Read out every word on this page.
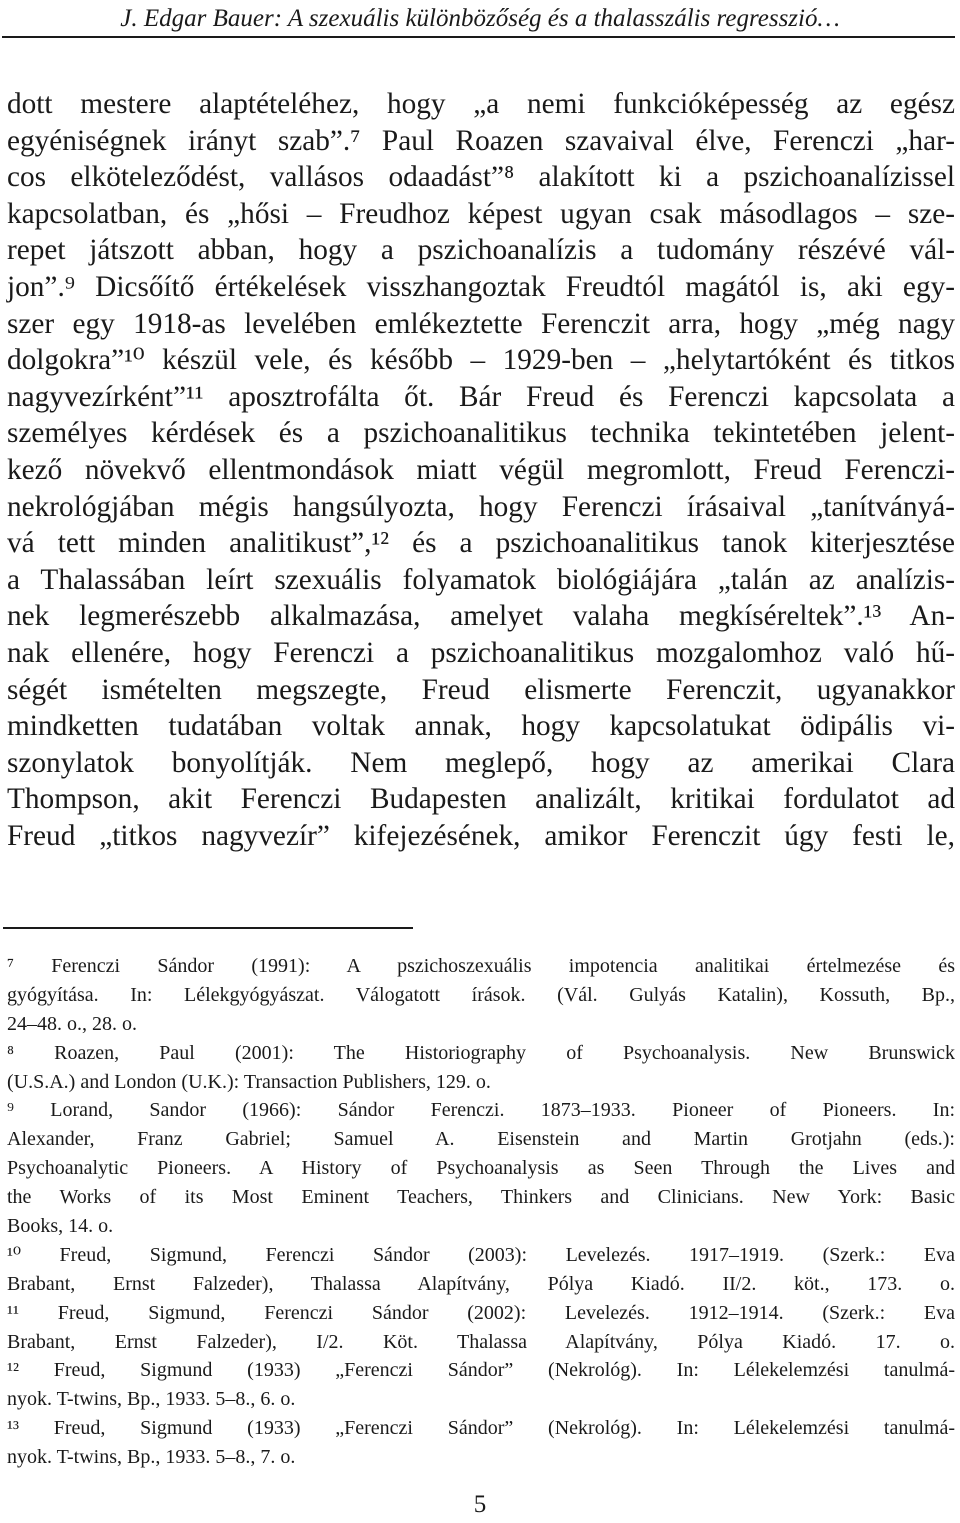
J. Edgar Bauer: A szexuális különbözőség és a thalasszális regresszió…
dott mestere alaptételéhez, hogy „a nemi funkcióképesség az egész
egyéniségnek irányt szab”.⁷ Paul Roazen szavaival élve, Ferenczi „har-
cos elköteleződést, vallásos odaadást”⁸ alakított ki a pszichoanalízissel
kapcsolatban, és „hősi – Freudhoz képest ugyan csak másodlagos – sze-
repet játszott abban, hogy a pszichoanalízis a tudomány részévé vál-
jon”.⁹ Dicsőítő értékelések visszhangoztak Freudtól magától is, aki egy-
szer egy 1918-as levelében emlékeztette Ferenczit arra, hogy „még nagy
dolgokra”¹⁰ készül vele, és később – 1929-ben – „helytartóként és titkos
nagyvezírként”¹¹ aposztrofálta őt. Bár Freud és Ferenczi kapcsolata a
személyes kérdések és a pszichoanalitikus technika tekintetében jelent-
kező növekvő ellentmondások miatt végül megromlott, Freud Ferenczi-
nekrológjában mégis hangsúlyozta, hogy Ferenczi írásaival „tanítványá-
vá tett minden analitikust”,¹² és a pszichoanalitikus tanok kiterjesztése
a Thalassában leírt szexuális folyamatok biológiájára „talán az analízis-
nek legmerészebb alkalmazása, amelyet valaha megkíséreltek”.¹³ An-
nak ellenére, hogy Ferenczi a pszichoanalitikus mozgalomhoz való hű-
ségét ismételten megszegte, Freud elismerte Ferenczit, ugyanakkor
mindketten tudatában voltak annak, hogy kapcsolatukat ödipális vi-
szonylatok bonyolítják. Nem meglepő, hogy az amerikai Clara
Thompson, akit Ferenczi Budapesten analizált, kritikai fordulatot ad
Freud „titkos nagyvezír” kifejezésének, amikor Ferenczit úgy festi le,
⁷ Ferenczi Sándor (1991): A pszichoszexuális impotencia analitikai értelmezése és
gyógyítása. In: Lélekgyógyászat. Válogatott írások. (Vál. Gulyás Katalin), Kossuth, Bp.,
24–48. o., 28. o.
⁸ Roazen, Paul (2001): The Historiography of Psychoanalysis. New Brunswick
(U.S.A.) and London (U.K.): Transaction Publishers, 129. o.
⁹ Lorand, Sandor (1966): Sándor Ferenczi. 1873–1933. Pioneer of Pioneers. In:
Alexander, Franz Gabriel; Samuel A. Eisenstein and Martin Grotjahn (eds.):
Psychoanalytic Pioneers. A History of Psychoanalysis as Seen Through the Lives and
the Works of its Most Eminent Teachers, Thinkers and Clinicians. New York: Basic
Books, 14. o.
¹⁰ Freud, Sigmund, Ferenczi Sándor (2003): Levelezés. 1917–1919. (Szerk.: Eva
Brabant, Ernst Falzeder), Thalassa Alapítvány, Pólya Kiadó. II/2. köt., 173. o.
¹¹ Freud, Sigmund, Ferenczi Sándor (2002): Levelezés. 1912–1914. (Szerk.: Eva
Brabant, Ernst Falzeder), I/2. Köt. Thalassa Alapítvány, Pólya Kiadó. 17. o.
¹² Freud, Sigmund (1933) „Ferenczi Sándor” (Nekrológ). In: Lélekelemzési tanulmá-
nyok. T-twins, Bp., 1933. 5–8., 6. o.
¹³ Freud, Sigmund (1933) „Ferenczi Sándor” (Nekrológ). In: Lélekelemzési tanulmá-
nyok. T-twins, Bp., 1933. 5–8., 7. o.
5
